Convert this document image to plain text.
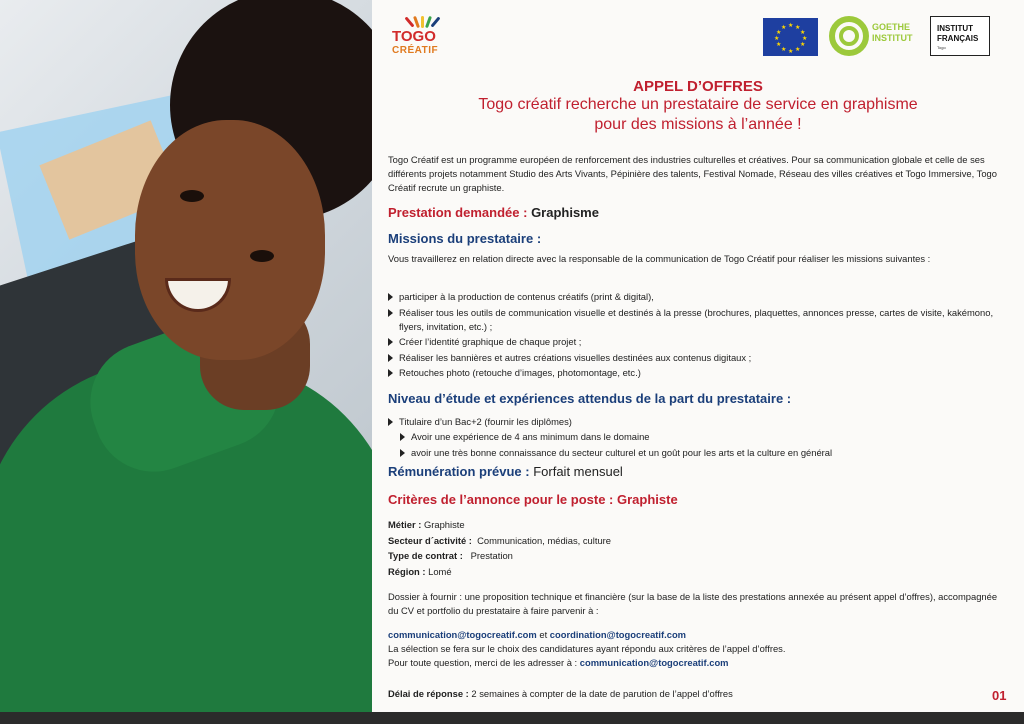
TOGO
CRÉATIF
★ ★
★
★
★
★
★
★
★
★
★
★	GOETHE
INSTITUT
INSTITUT
FRANÇAIS
Togo
APPEL D’OFFRES
Togo créatif recherche un prestataire de service en graphisme
pour des missions à l’année !
Togo Créatif est un programme européen de renforcement des industries culturelles et créatives. Pour sa communication globale et celle de ses différents projets notamment Studio des Arts Vivants, Pépinière des talents, Festival Nomade, Réseau des villes créatives et Togo Immersive, Togo Créatif recrute un graphiste.
Prestation demandée : Graphisme
Missions du prestataire :
Vous travaillerez en relation directe avec la responsable de la communication de Togo Créatif pour réaliser les missions suivantes :
participer à la production de contenus créatifs (print & digital),
Réaliser tous les outils de communication visuelle et destinés à la presse (brochures, plaquettes, annonces presse, cartes de visite, kakémono, flyers, invitation, etc.) ;
Créer l’identité graphique de chaque projet ;
Réaliser les bannières et autres créations visuelles destinées aux contenus digitaux ;
Retouches photo (retouche d’images, photomontage, etc.)
Niveau d’étude et expériences attendus de la part du prestataire :
Titulaire d’un Bac+2 (fournir les diplômes)
Avoir une expérience de 4 ans minimum dans le domaine
avoir une très bonne connaissance du secteur culturel et un goût pour les arts et la culture en général
Rémunération prévue : Forfait mensuel
Critères de l’annonce pour le poste : Graphiste
Métier : Graphiste
Secteur d´activité :  Communication, médias, culture
Type de contrat :   Prestation
Région : Lomé
Dossier à fournir : une proposition technique et financière (sur la base de la liste des prestations annexée au présent appel d’offres), accompagnée du CV et portfolio du prestataire à faire parvenir à :
communication@togocreatif.com et coordination@togocreatif.com
La sélection se fera sur le choix des candidatures ayant répondu aux critères de l’appel d’offres.
Pour toute question, merci de les adresser à : communication@togocreatif.com
Délai de réponse : 2 semaines à compter de la date de parution de l’appel d’offres	01
